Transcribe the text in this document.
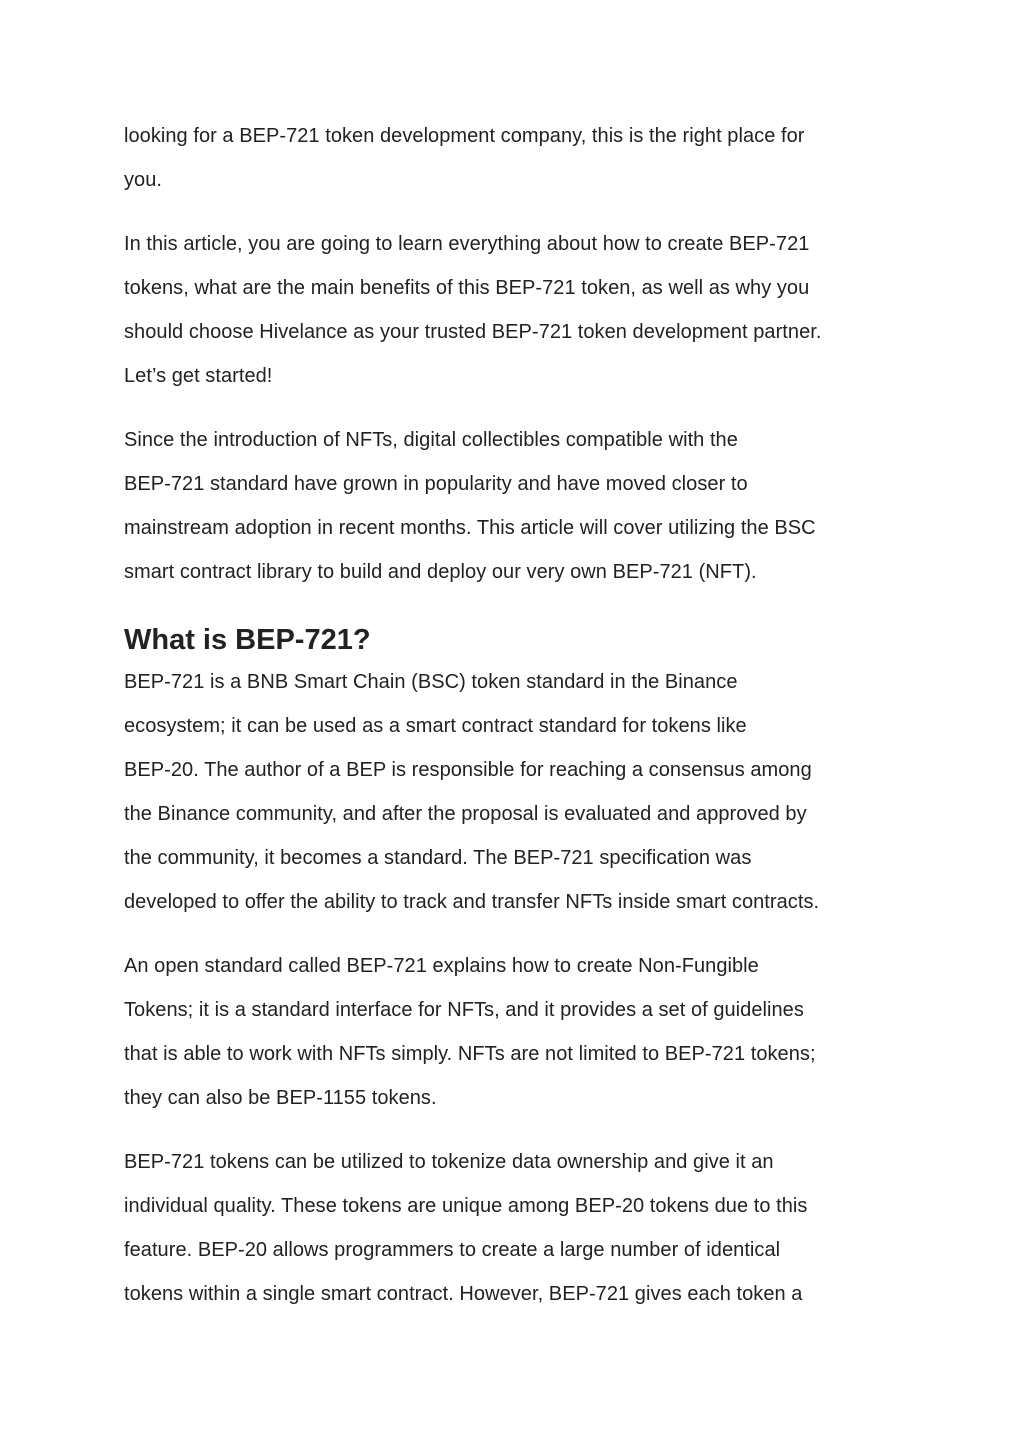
looking for a BEP-721 token development company, this is the right place for
you.

In this article, you are going to learn everything about how to create BEP-721
tokens, what are the main benefits of this BEP-721 token, as well as why you
should choose Hivelance as your trusted BEP-721 token development partner.
Let’s get started!

Since the introduction of NFTs, digital collectibles compatible with the
BEP-721 standard have grown in popularity and have moved closer to
mainstream adoption in recent months. This article will cover utilizing the BSC
smart contract library to build and deploy our very own BEP-721 (NFT).

What is BEP-721?

BEP-721 is a BNB Smart Chain (BSC) token standard in the Binance
ecosystem; it can be used as a smart contract standard for tokens like
BEP-20. The author of a BEP is responsible for reaching a consensus among
the Binance community, and after the proposal is evaluated and approved by
the community, it becomes a standard. The BEP-721 specification was
developed to offer the ability to track and transfer NFTs inside smart contracts.

An open standard called BEP-721 explains how to create Non-Fungible
Tokens; it is a standard interface for NFTs, and it provides a set of guidelines
that is able to work with NFTs simply. NFTs are not limited to BEP-721 tokens;
they can also be BEP-1155 tokens.

BEP-721 tokens can be utilized to tokenize data ownership and give it an
individual quality. These tokens are unique among BEP-20 tokens due to this
feature. BEP-20 allows programmers to create a large number of identical
tokens within a single smart contract. However, BEP-721 gives each token a
